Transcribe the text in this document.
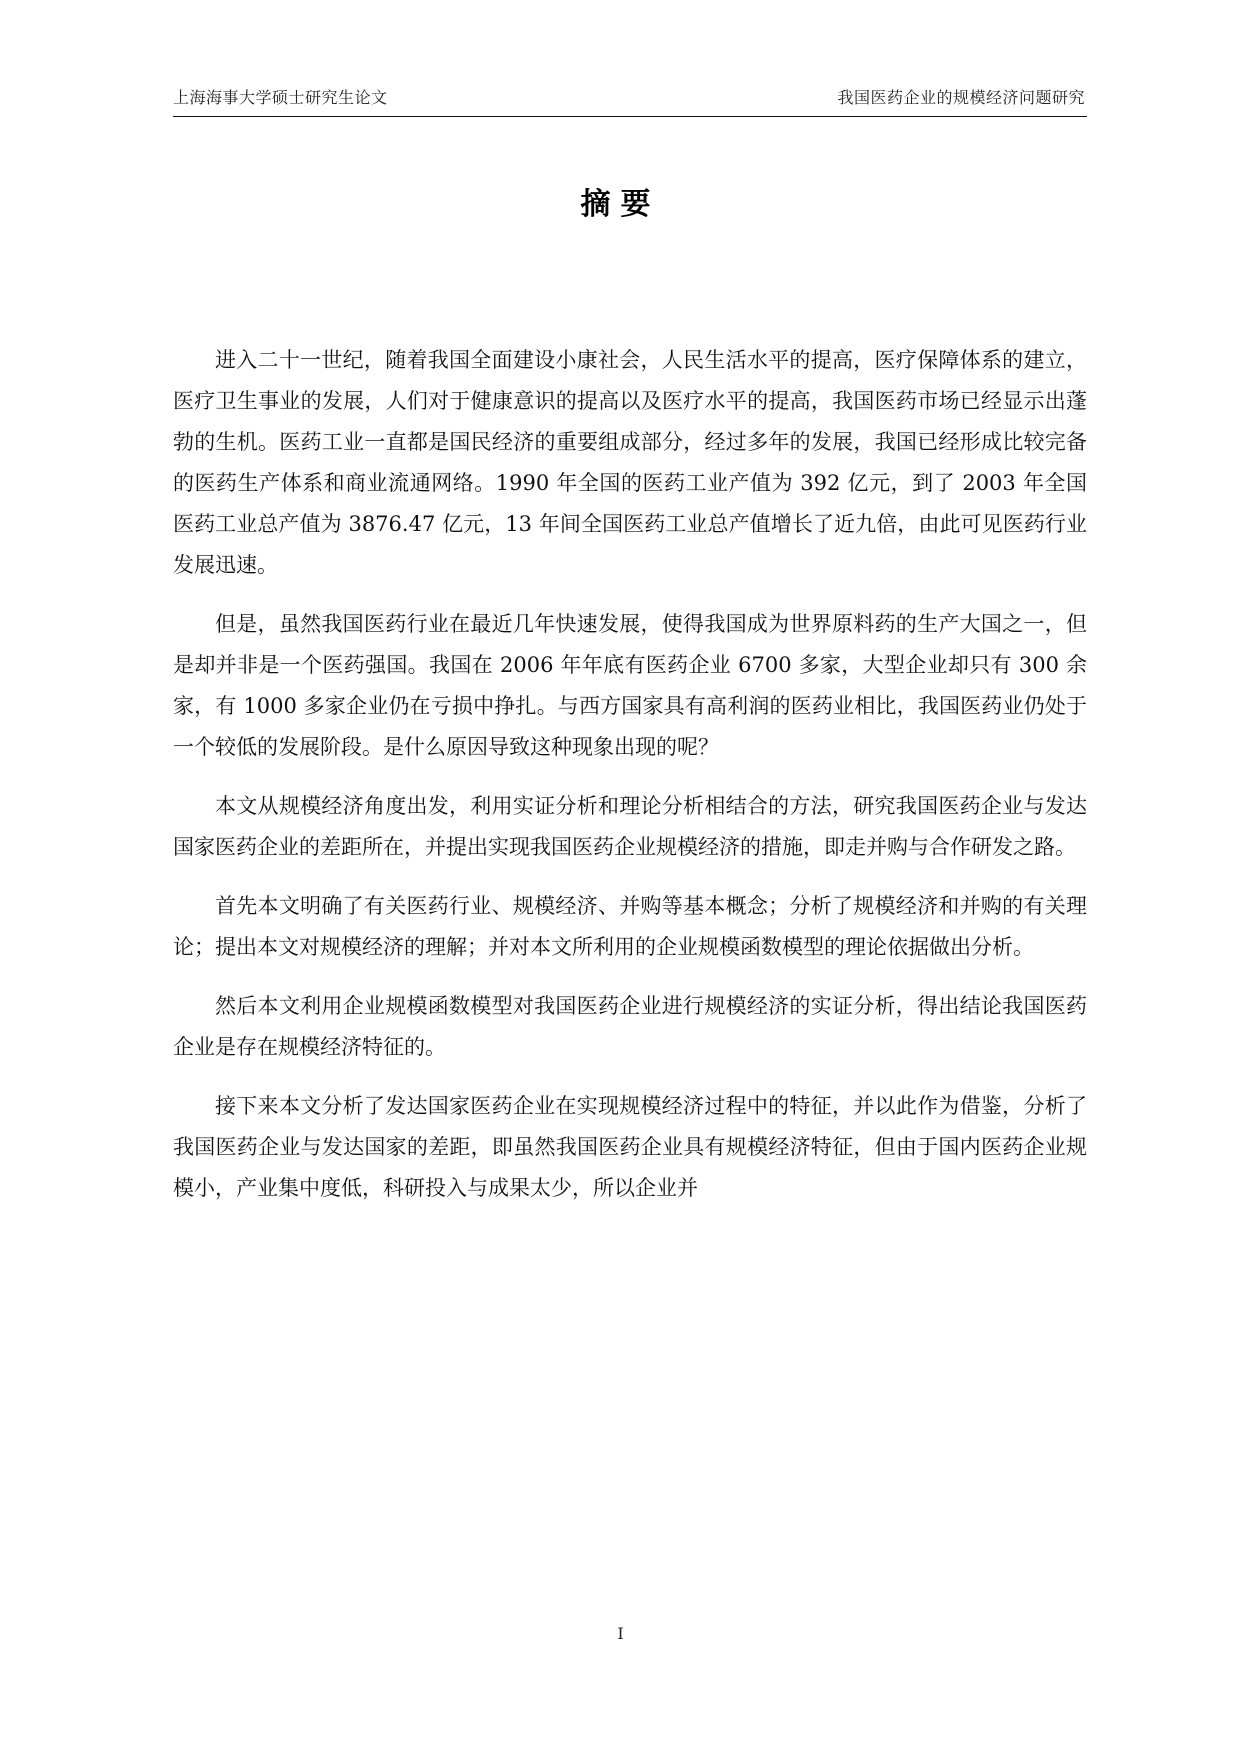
上海海事大学硕士研究生论文	我国医药企业的规模经济问题研究
摘要

进入二十一世纪，随着我国全面建设小康社会，人民生活水平的提高，医疗保障体系的建立，医疗卫生事业的发展，人们对于健康意识的提高以及医疗水平的提高，我国医药市场已经显示出蓬勃的生机。医药工业一直都是国民经济的重要组成部分，经过多年的发展，我国已经形成比较完备的医药生产体系和商业流通网络。1990 年全国的医药工业产值为 392 亿元，到了 2003 年全国医药工业总产值为 3876.47 亿元，13 年间全国医药工业总产值增长了近九倍，由此可见医药行业发展迅速。

但是，虽然我国医药行业在最近几年快速发展，使得我国成为世界原料药的生产大国之一，但是却并非是一个医药强国。我国在 2006 年年底有医药企业 6700 多家，大型企业却只有 300 余家，有 1000 多家企业仍在亏损中挣扎。与西方国家具有高利润的医药业相比，我国医药业仍处于一个较低的发展阶段。是什么原因导致这种现象出现的呢？

本文从规模经济角度出发，利用实证分析和理论分析相结合的方法，研究我国医药企业与发达国家医药企业的差距所在，并提出实现我国医药企业规模经济的措施，即走并购与合作研发之路。

首先本文明确了有关医药行业、规模经济、并购等基本概念；分析了规模经济和并购的有关理论；提出本文对规模经济的理解；并对本文所利用的企业规模函数模型的理论依据做出分析。

然后本文利用企业规模函数模型对我国医药企业进行规模经济的实证分析，得出结论我国医药企业是存在规模经济特征的。

接下来本文分析了发达国家医药企业在实现规模经济过程中的特征，并以此作为借鉴，分析了我国医药企业与发达国家的差距，即虽然我国医药企业具有规模经济特征，但由于国内医药企业规模小，产业集中度低，科研投入与成果太少，所以企业并

I
